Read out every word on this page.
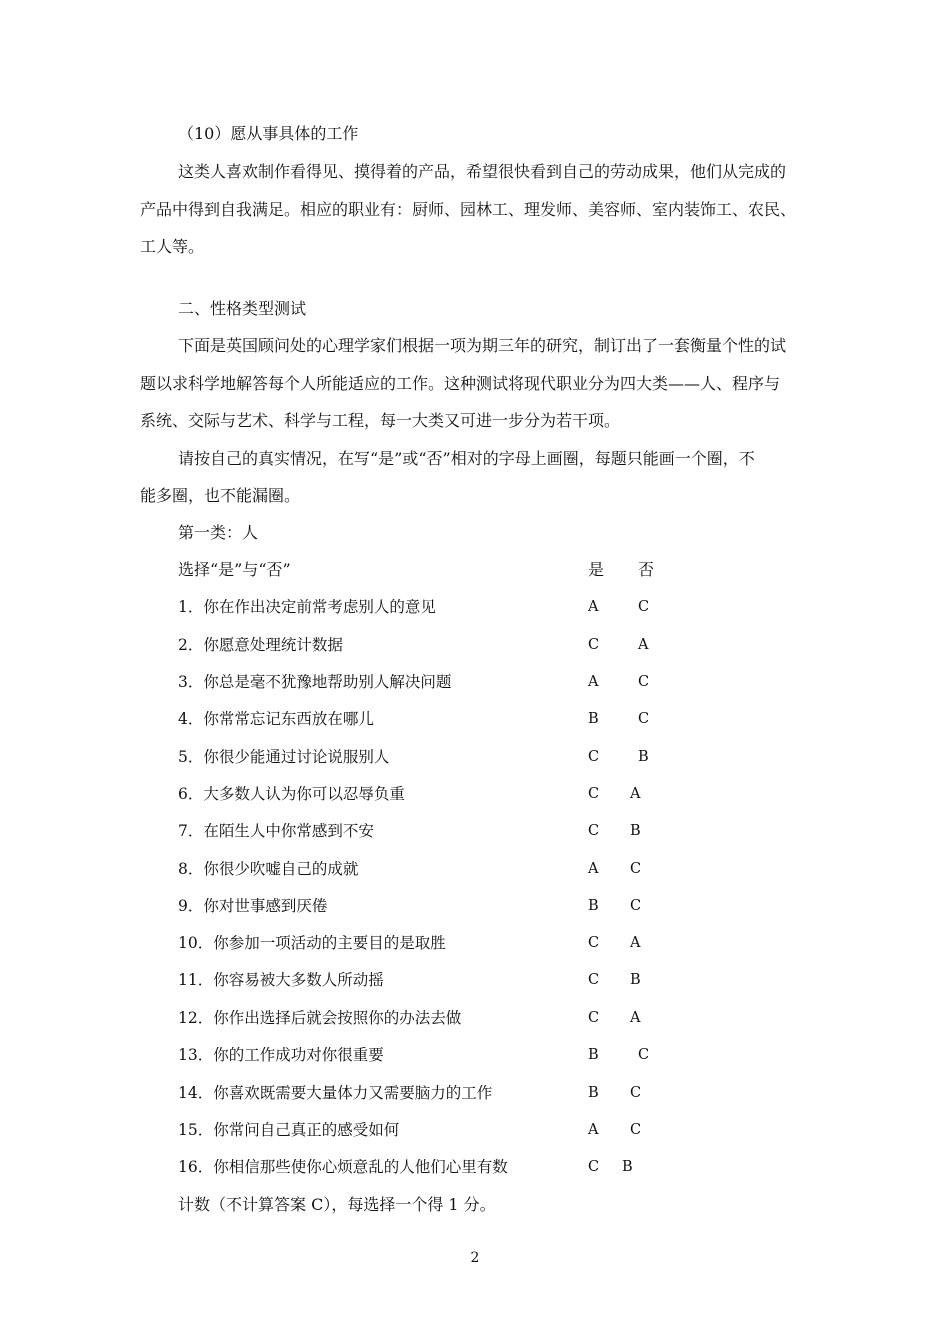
（10）愿从事具体的工作
这类人喜欢制作看得见、摸得着的产品，希望很快看到自己的劳动成果，他们从完成的
产品中得到自我满足。相应的职业有：厨师、园林工、理发师、美容师、室内装饰工、农民、
工人等。
二、性格类型测试
下面是英国顾问处的心理学家们根据一项为期三年的研究，制订出了一套衡量个性的试
题以求科学地解答每个人所能适应的工作。这种测试将现代职业分为四大类——人、程序与
系统、交际与艺术、科学与工程，每一大类又可进一步分为若干项。
请按自己的真实情况，在写“是”或“否”相对的字母上画圈，每题只能画一个圈，不
能多圈，也不能漏圈。
第一类：人
选择“是”与“否”	是 否
1．你在作出决定前常考虑别人的意见	A	C
2．你愿意处理统计数据	C	A
3．你总是毫不犹豫地帮助别人解决问题	A	C
4．你常常忘记东西放在哪儿	B	C
5．你很少能通过讨论说服别人	C	B
6．大多数人认为你可以忍辱负重	C A
7．在陌生人中你常感到不安	C B
8．你很少吹嘘自己的成就	A C
9．你对世事感到厌倦	B C
10．你参加一项活动的主要目的是取胜	C A
11．你容易被大多数人所动摇	C B
12．你作出选择后就会按照你的办法去做	C A
13．你的工作成功对你很重要	B	C
14．你喜欢既需要大量体力又需要脑力的工作	B C
15．你常问自己真正的感受如何	A C
16．你相信那些使你心烦意乱的人他们心里有数	C B
计数（不计算答案 C），每选择一个得 1 分。
2
